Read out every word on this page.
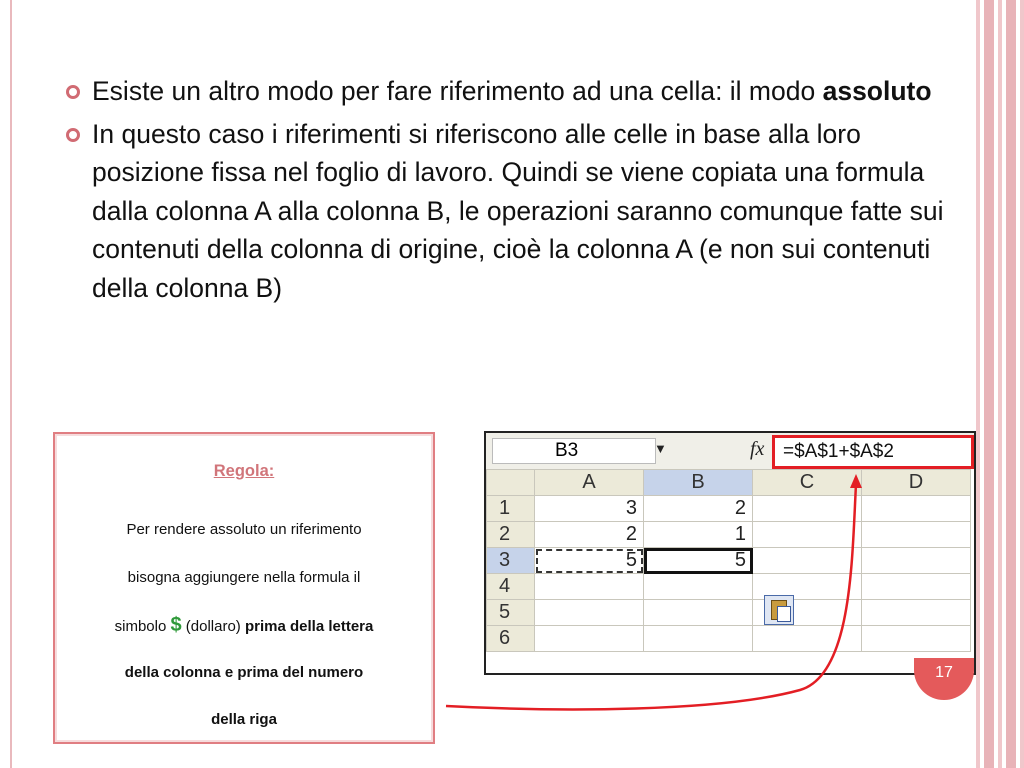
Esiste un altro modo per fare riferimento ad una cella: il modo assoluto
In questo caso i riferimenti si riferiscono alle celle in base alla loro posizione fissa nel foglio di lavoro. Quindi se viene copiata una formula dalla colonna A alla colonna B, le operazioni saranno comunque fatte sui contenuti della colonna di origine, cioè la colonna A (e non sui contenuti della colonna B)
Regola:
Per rendere assoluto un riferimento
bisogna aggiungere nella formula il
simbolo $ (dollaro) prima della lettera
della colonna e prima del numero
della riga
B3	▼	fx =$A$1+$A$2
	A	B	C	D
1	3	2		
2	2	1		
3	5	5		
4				
5				
6				
17
